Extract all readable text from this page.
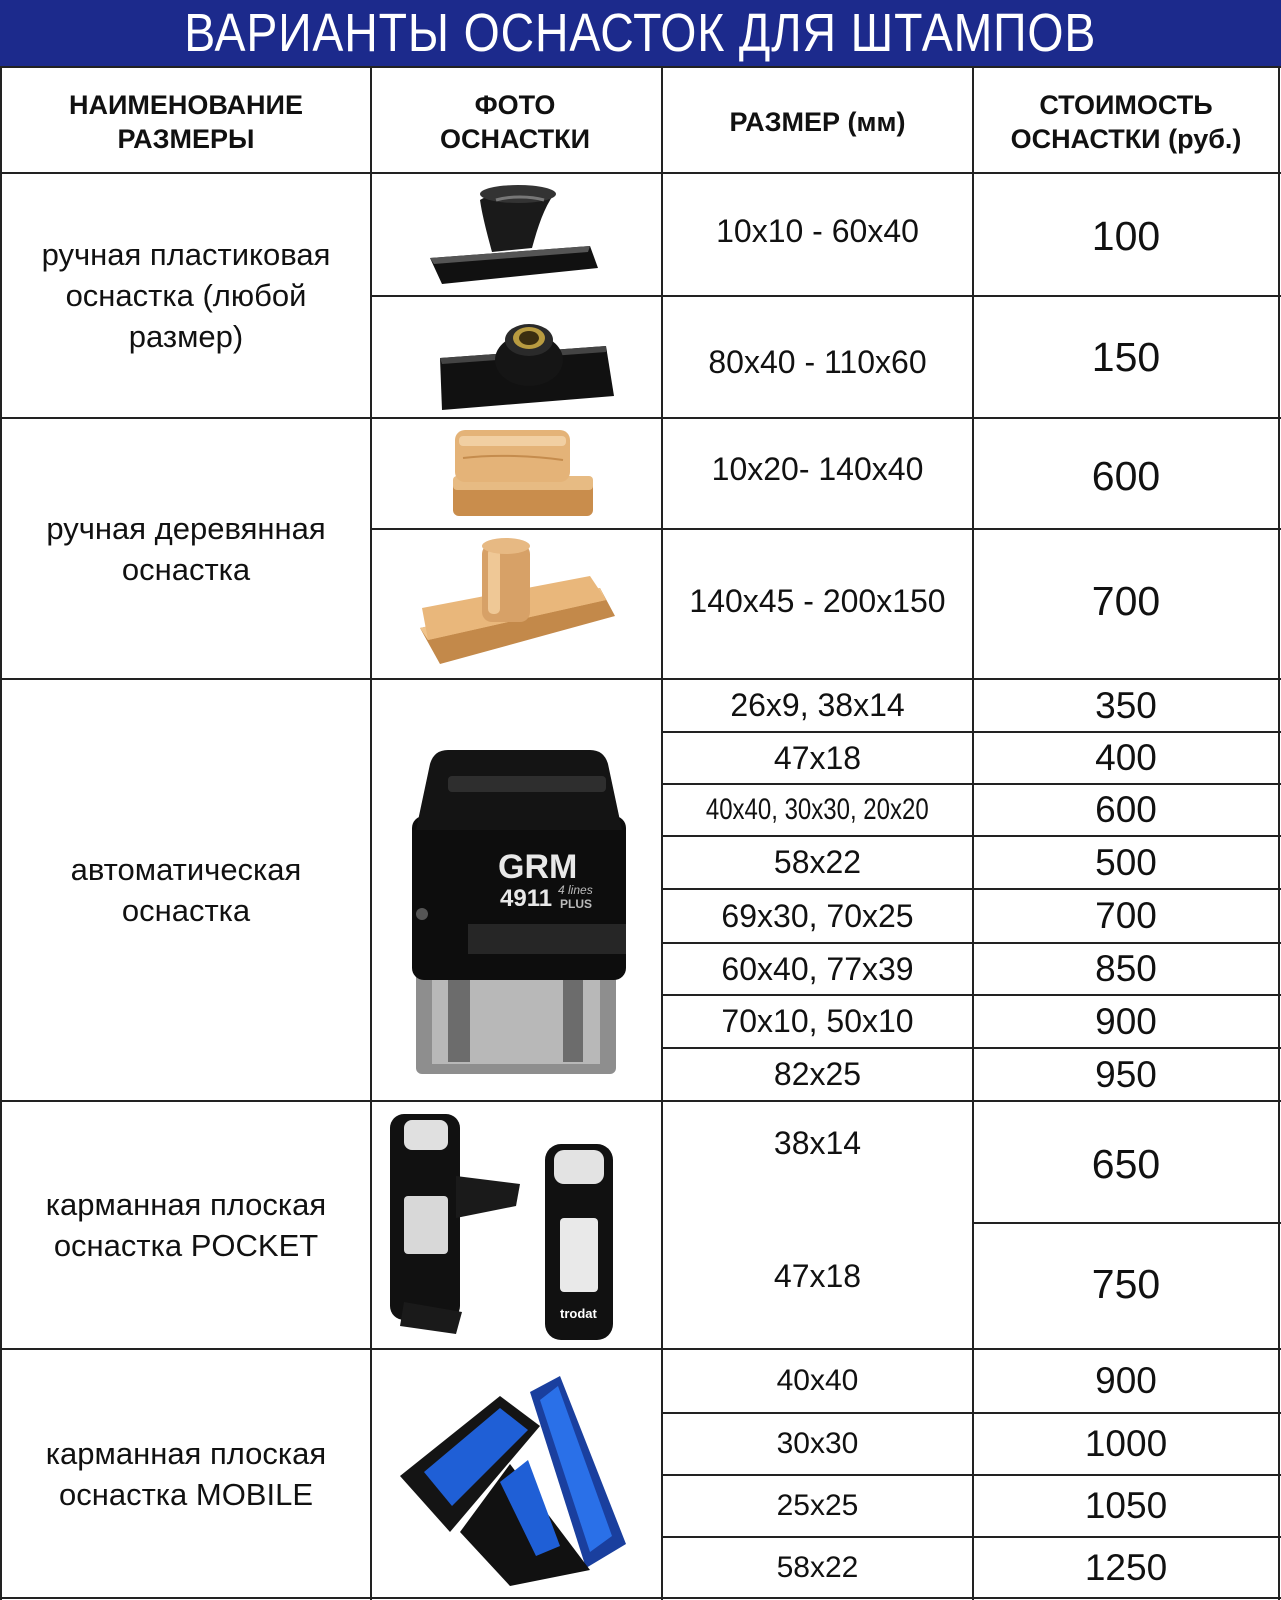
ВАРИАНТЫ ОСНАСТОК ДЛЯ ШТАМПОВ
НАИМЕНОВАНИЕ РАЗМЕРЫ
ФОТО ОСНАСТКИ
РАЗМЕР (мм)
СТОИМОСТЬ ОСНАСТКИ (руб.)
ручная пластиковая оснастка (любой размер)
10x10 - 60x40	100
80x40 - 110x60	150
ручная деревянная оснастка
10x20- 140x40	600
140x45 - 200x150	700
автоматическая оснастка
26x9, 38x14	350
47x18	400
40x40, 30x30, 20x20	600
58x22	500
69x30, 70x25	700
60x40, 77x39	850
70x10, 50x10	900
82x25	950
карманная плоская оснастка POCKET
38x14	650
47x18	750
карманная плоская оснастка MOBILE
40x40	900
30x30	1000
25x25	1050
58x22	1250
GRM
4911 4 lines
PLUS
trodat
